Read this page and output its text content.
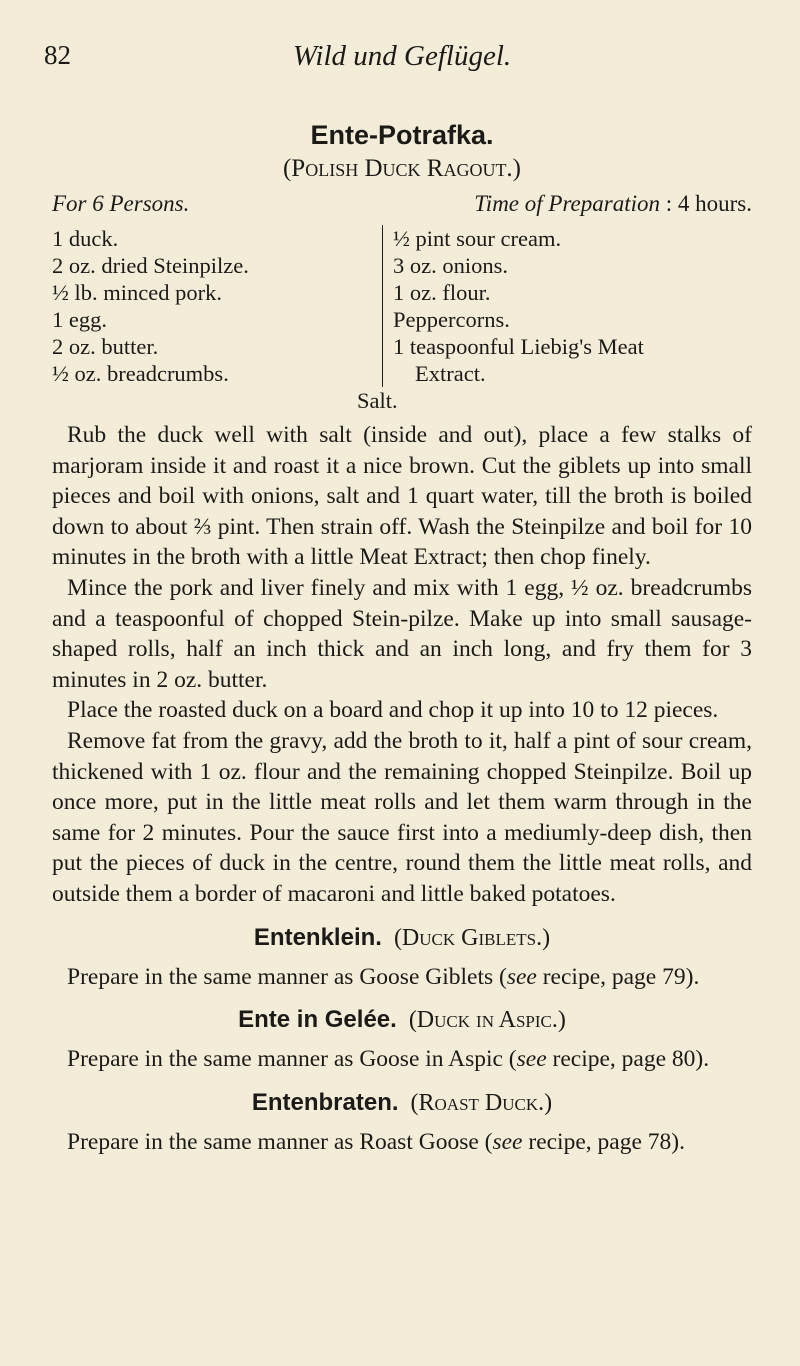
82	Wild und Geflügel.
Ente-Potrafka.
(Polish Duck Ragout.)
For 6 Persons.	Time of Preparation : 4 hours.
1 duck.
2 oz. dried Steinpilze.
½ lb. minced pork.
1 egg.
2 oz. butter.
½ oz. breadcrumbs.
½ pint sour cream.
3 oz. onions.
1 oz. flour.
Peppercorns.
1 teaspoonful Liebig's Meat
Extract.
Salt.

Rub the duck well with salt (inside and out), place a few stalks of marjoram inside it and roast it a nice brown. Cut the giblets up into small pieces and boil with onions, salt and 1 quart water, till the broth is boiled down to about ⅔ pint. Then strain off. Wash the Steinpilze and boil for 10 minutes in the broth with a little Meat Extract; then chop finely.

Mince the pork and liver finely and mix with 1 egg, ½ oz. breadcrumbs and a teaspoonful of chopped Stein-pilze. Make up into small sausage-shaped rolls, half an inch thick and an inch long, and fry them for 3 minutes in 2 oz. butter.

Place the roasted duck on a board and chop it up into 10 to 12 pieces.

Remove fat from the gravy, add the broth to it, half a pint of sour cream, thickened with 1 oz. flour and the remaining chopped Steinpilze. Boil up once more, put in the little meat rolls and let them warm through in the same for 2 minutes. Pour the sauce first into a mediumly-deep dish, then put the pieces of duck in the centre, round them the little meat rolls, and outside them a border of macaroni and little baked potatoes.

Entenklein. (Duck Giblets.)

Prepare in the same manner as Goose Giblets (see recipe, page 79).

Ente in Gelée. (Duck in Aspic.)

Prepare in the same manner as Goose in Aspic (see recipe, page 80).

Entenbraten. (Roast Duck.)

Prepare in the same manner as Roast Goose (see recipe, page 78).
